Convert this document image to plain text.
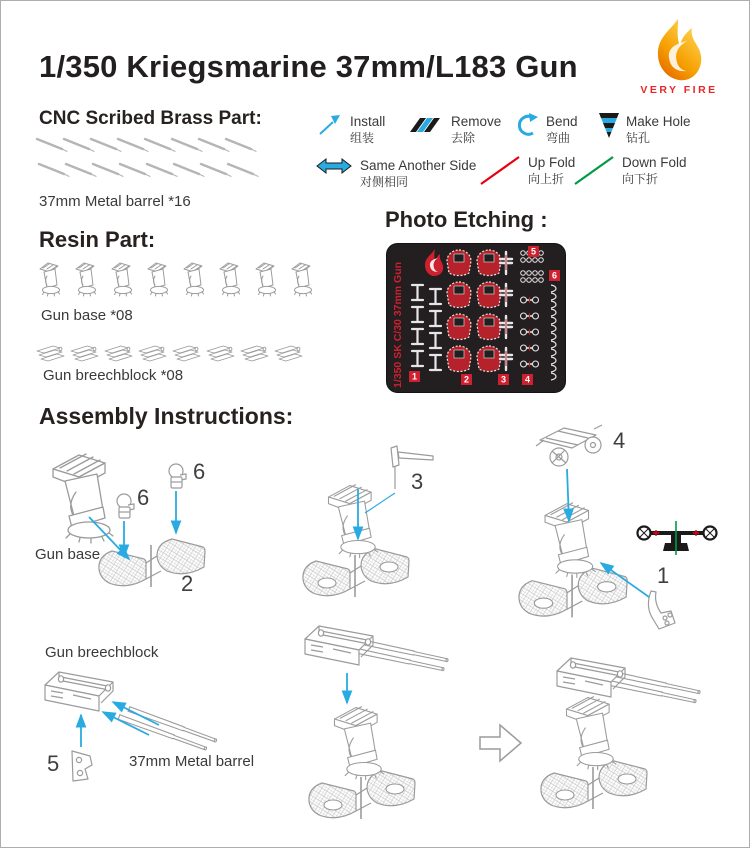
1/350 Kriegsmarine 37mm/L183 Gun
VERY FIRE
CNC Scribed Brass Part:
37mm Metal barrel *16
Install
组装
Remove
去除
Bend
弯曲
Make Hole
钻孔
Same Another Side
对侧相同
Up Fold
向上折
Down Fold
向下折
Resin Part:
Gun base *08
Gun breechblock *08
Photo Etching :
1/350 SK C/30 37mm Gun 1	2	3 4
5
6
Assembly Instructions:
Gun base
6
6
2
3
4
1
Gun breechblock
5	37mm Metal barrel
